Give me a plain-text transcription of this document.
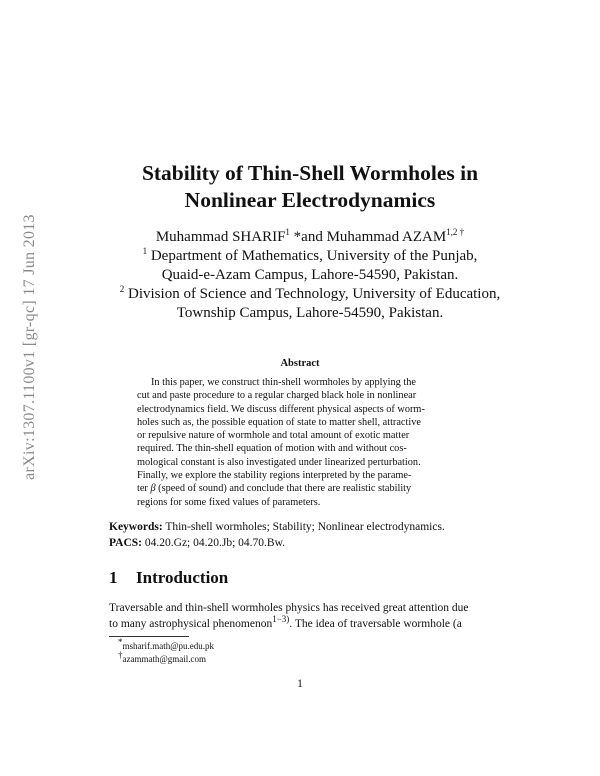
arXiv:1307.1100v1 [gr-qc] 17 Jun 2013
Stability of Thin-Shell Wormholes in
Nonlinear Electrodynamics
Muhammad SHARIF$^1$ *and Muhammad $AZAM^{1,2 \dagger}$
$^1$ Department of Mathematics, University of the Punjab,
Quaid-e-Azam Campus, Lahore-54590, Pakistan.
$^2$ Division of Science and Technology, University of Education,
Township Campus, Lahore-54590, Pakistan.
Abstract
In this paper, we construct thin-shell wormholes by applying the
cut and paste procedure to a regular charged black hole in nonlinear
electrodynamics field. We discuss different physical aspects of worm-
holes such as, the possible equation of state to matter shell, attractive
or repulsive nature of wormhole and total amount of exotic matter
required. The thin-shell equation of motion with and without cos-
mological constant is also investigated under linearized perturbation.
Finally, we explore the stability regions interpreted by the parame-
ter β (speed of sound) and conclude that there are realistic stability
regions for some fixed values of parameters.
Keywords: Thin-shell wormholes; Stability; Nonlinear electrodynamics.
PACS: 04.20.Gz; 04.20.Jb; 04.70.Bw.
1 Introduction
Traversable and thin-shell wormholes physics has received great attention due
to many astrophysical phenomenon$^{1-3)}$. The idea of traversable wormhole (a
*msharif.math@pu.edu.pk
†azammath@gmail.com
1
